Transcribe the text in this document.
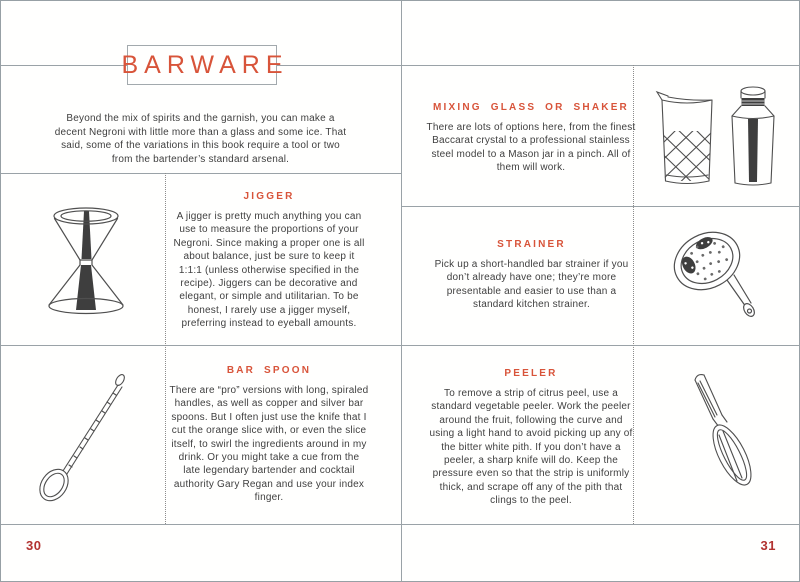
BARWARE

Beyond the mix of spirits and the garnish, you can make a decent Negroni with little more than a glass and some ice. That said, some of the variations in this book require a tool or two from the bartender’s standard arsenal.

JIGGER

A jigger is pretty much anything you can use to measure the proportions of your Negroni. Since making a proper one is all about balance, just be sure to keep it 1:1:1 (unless otherwise specified in the recipe). Jiggers can be decorative and elegant, or simple and utilitarian. To be honest, I rarely use a jigger myself, preferring instead to eyeball amounts.

BAR SPOON

There are “pro” versions with long, spiraled handles, as well as copper and silver bar spoons. But I often just use the knife that I cut the orange slice with, or even the slice itself, to swirl the ingredients around in my drink. Or you might take a cue from the late legendary bartender and cocktail authority Gary Regan and use your index finger.

MIXING GLASS OR SHAKER

There are lots of options here, from the finest Baccarat crystal to a professional stainless steel model to a Mason jar in a pinch. All of them will work.

STRAINER

Pick up a short-handled bar strainer if you don’t already have one; they’re more presentable and easier to use than a standard kitchen strainer.

PEELER

To remove a strip of citrus peel, use a standard vegetable peeler. Work the peeler around the fruit, following the curve and using a light hand to avoid picking up any of the bitter white pith. If you don’t have a peeler, a sharp knife will do. Keep the pressure even so that the strip is uniformly thick, and scrape off any of the pith that clings to the peel.

30	31
